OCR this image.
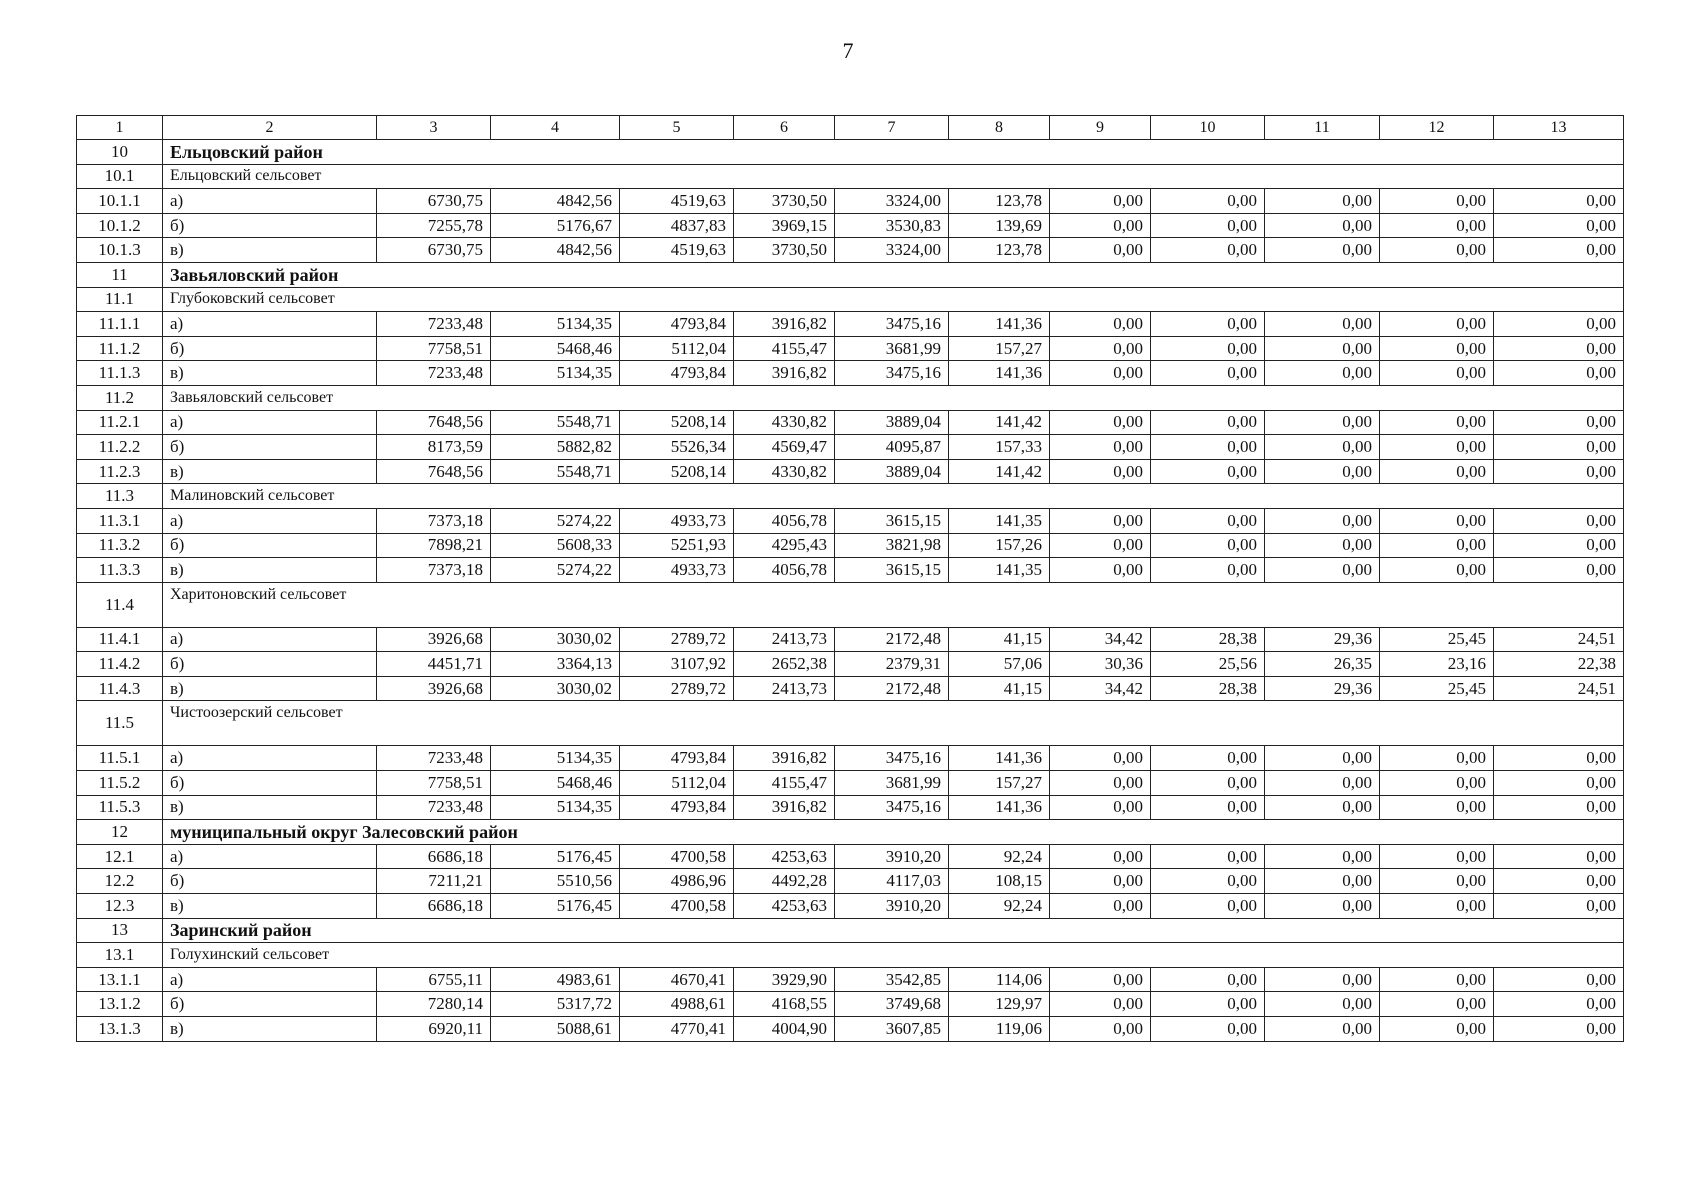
7
1	2	3	4	5	6	7	8	9	10	11	12	13
10	Ельцовский район											
10.1	Ельцовский сельсовет											
10.1.1	а)	6730,75	4842,56	4519,63	3730,50	3324,00	123,78	0,00	0,00	0,00	0,00	0,00
10.1.2	б)	7255,78	5176,67	4837,83	3969,15	3530,83	139,69	0,00	0,00	0,00	0,00	0,00
10.1.3	в)	6730,75	4842,56	4519,63	3730,50	3324,00	123,78	0,00	0,00	0,00	0,00	0,00
11	Завьяловский район											
11.1	Глубоковский сельсовет											
11.1.1	а)	7233,48	5134,35	4793,84	3916,82	3475,16	141,36	0,00	0,00	0,00	0,00	0,00
11.1.2	б)	7758,51	5468,46	5112,04	4155,47	3681,99	157,27	0,00	0,00	0,00	0,00	0,00
11.1.3	в)	7233,48	5134,35	4793,84	3916,82	3475,16	141,36	0,00	0,00	0,00	0,00	0,00
11.2	Завьяловский сельсовет											
11.2.1	а)	7648,56	5548,71	5208,14	4330,82	3889,04	141,42	0,00	0,00	0,00	0,00	0,00
11.2.2	б)	8173,59	5882,82	5526,34	4569,47	4095,87	157,33	0,00	0,00	0,00	0,00	0,00
11.2.3	в)	7648,56	5548,71	5208,14	4330,82	3889,04	141,42	0,00	0,00	0,00	0,00	0,00
11.3	Малиновский сельсовет											
11.3.1	а)	7373,18	5274,22	4933,73	4056,78	3615,15	141,35	0,00	0,00	0,00	0,00	0,00
11.3.2	б)	7898,21	5608,33	5251,93	4295,43	3821,98	157,26	0,00	0,00	0,00	0,00	0,00
11.3.3	в)	7373,18	5274,22	4933,73	4056,78	3615,15	141,35	0,00	0,00	0,00	0,00	0,00
11.4	Харитоновский сельсовет											
11.4.1	а)	3926,68	3030,02	2789,72	2413,73	2172,48	41,15	34,42	28,38	29,36	25,45	24,51
11.4.2	б)	4451,71	3364,13	3107,92	2652,38	2379,31	57,06	30,36	25,56	26,35	23,16	22,38
11.4.3	в)	3926,68	3030,02	2789,72	2413,73	2172,48	41,15	34,42	28,38	29,36	25,45	24,51
11.5	Чистоозерский сельсовет											
11.5.1	а)	7233,48	5134,35	4793,84	3916,82	3475,16	141,36	0,00	0,00	0,00	0,00	0,00
11.5.2	б)	7758,51	5468,46	5112,04	4155,47	3681,99	157,27	0,00	0,00	0,00	0,00	0,00
11.5.3	в)	7233,48	5134,35	4793,84	3916,82	3475,16	141,36	0,00	0,00	0,00	0,00	0,00
12	муниципальный округ Залесовский район											
12.1	а)	6686,18	5176,45	4700,58	4253,63	3910,20	92,24	0,00	0,00	0,00	0,00	0,00
12.2	б)	7211,21	5510,56	4986,96	4492,28	4117,03	108,15	0,00	0,00	0,00	0,00	0,00
12.3	в)	6686,18	5176,45	4700,58	4253,63	3910,20	92,24	0,00	0,00	0,00	0,00	0,00
13	Заринский район											
13.1	Голухинский сельсовет											
13.1.1	а)	6755,11	4983,61	4670,41	3929,90	3542,85	114,06	0,00	0,00	0,00	0,00	0,00
13.1.2	б)	7280,14	5317,72	4988,61	4168,55	3749,68	129,97	0,00	0,00	0,00	0,00	0,00
13.1.3	в)	6920,11	5088,61	4770,41	4004,90	3607,85	119,06	0,00	0,00	0,00	0,00	0,00
